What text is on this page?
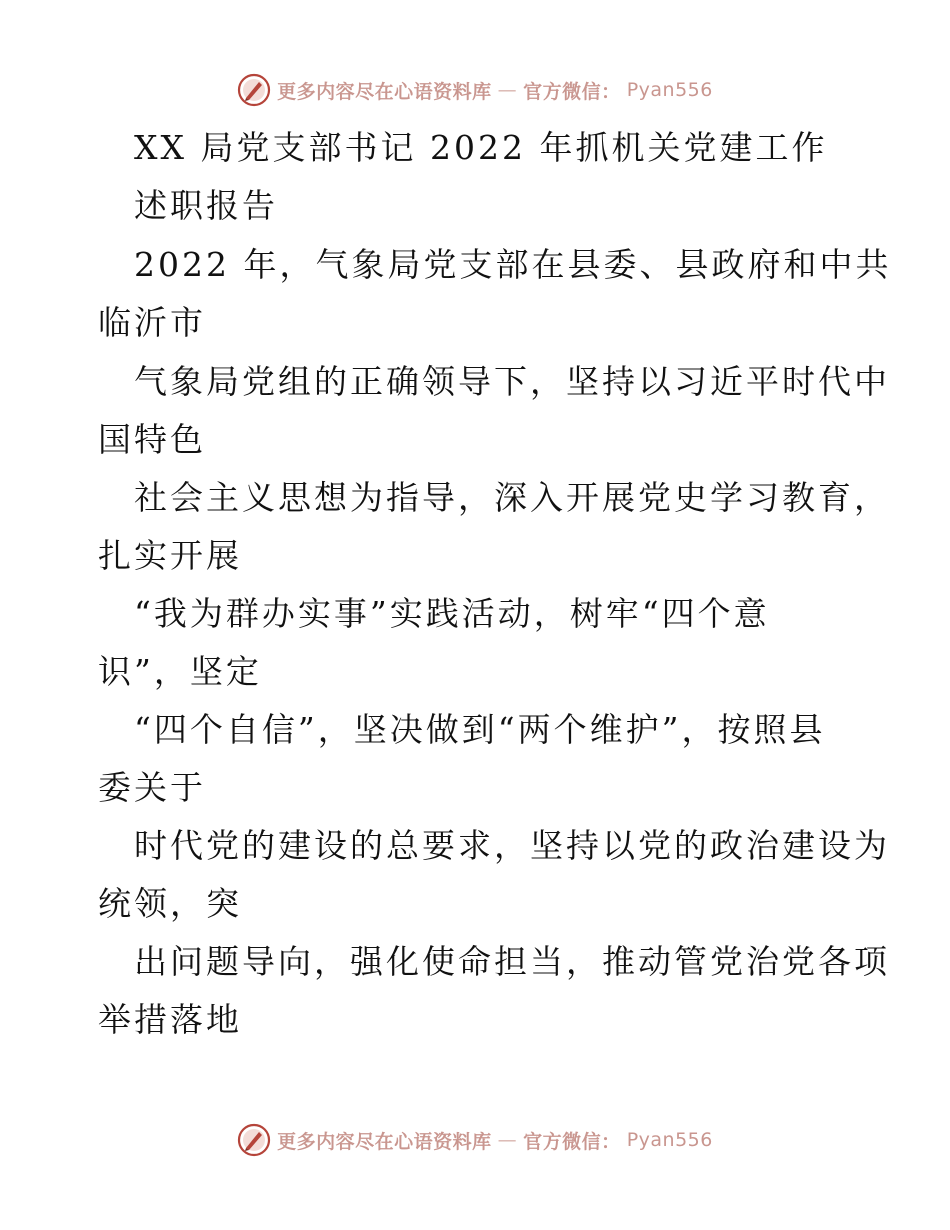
更多内容尽在心语资料库 — 官方微信： Pyan556
XX 局党支部书记 2022 年抓机关党建工作
述职报告
2022 年，气象局党支部在县委、县政府和中共
临沂市
气象局党组的正确领导下，坚持以习近平时代中
国特色
社会主义思想为指导，深入开展党史学习教育，
扎实开展
“我为群办实事”实践活动，树牢“四个意
识”，坚定
“四个自信”，坚决做到“两个维护”，按照县
委关于
时代党的建设的总要求，坚持以党的政治建设为
统领，突
出问题导向，强化使命担当，推动管党治党各项
举措落地
更多内容尽在心语资料库 — 官方微信： Pyan556
